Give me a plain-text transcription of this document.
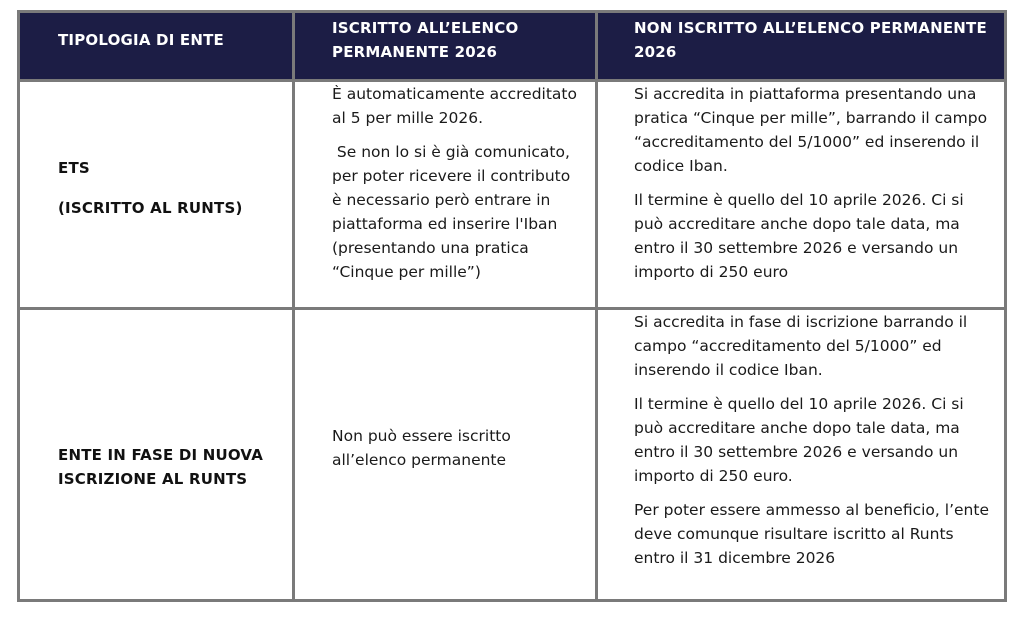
TIPOLOGIA DI ENTE
ISCRITTO ALL’ELENCO
PERMANENTE 2026
NON ISCRITTO ALL’ELENCO PERMANENTE
2026
ETS
(ISCRITTO AL RUNTS)

È automaticamente accreditato
al 5 per mille 2026.

Se non lo si è già comunicato,
per poter ricevere il contributo
è necessario però entrare in
piattaforma ed inserire l'Iban
(presentando una pratica
“Cinque per mille”)

Si accredita in piattaforma presentando una
pratica “Cinque per mille”, barrando il campo
“accreditamento del 5/1000” ed inserendo il
codice Iban.

Il termine è quello del 10 aprile 2026. Ci si
può accreditare anche dopo tale data, ma
entro il 30 settembre 2026 e versando un
importo di 250 euro

ENTE IN FASE DI NUOVA
ISCRIZIONE AL RUNTS

Non può essere iscritto
all’elenco permanente

Si accredita in fase di iscrizione barrando il
campo “accreditamento del 5/1000” ed
inserendo il codice Iban.

Il termine è quello del 10 aprile 2026. Ci si
può accreditare anche dopo tale data, ma
entro il 30 settembre 2026 e versando un
importo di 250 euro.

Per poter essere ammesso al beneficio, l’ente
deve comunque risultare iscritto al Runts
entro il 31 dicembre 2026
